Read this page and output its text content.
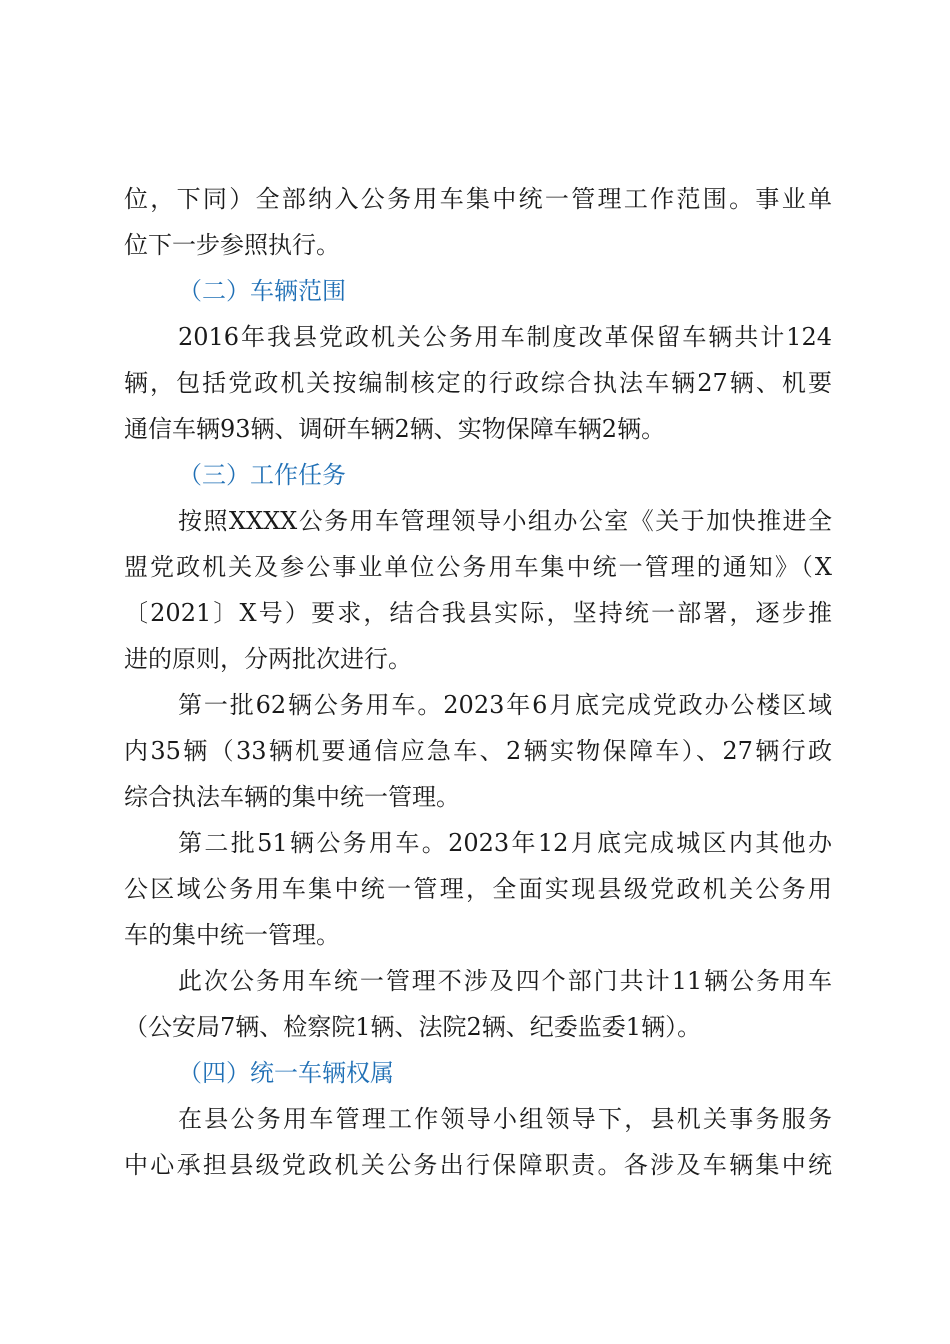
位，下同）全部纳入公务用车集中统一管理工作范围。事业单
位下一步参照执行。
（二）车辆范围
2016年我县党政机关公务用车制度改革保留车辆共计124
辆，包括党政机关按编制核定的行政综合执法车辆27辆、机要
通信车辆93辆、调研车辆2辆、实物保障车辆2辆。
（三）工作任务
按照XXXX公务用车管理领导小组办公室《关于加快推进全
盟党政机关及参公事业单位公务用车集中统一管理的通知》（X
〔2021〕X号）要求，结合我县实际，坚持统一部署，逐步推
进的原则，分两批次进行。
第一批62辆公务用车。2023年6月底完成党政办公楼区域
内35辆（33辆机要通信应急车、2辆实物保障车）、27辆行政
综合执法车辆的集中统一管理。
第二批51辆公务用车。2023年12月底完成城区内其他办
公区域公务用车集中统一管理，全面实现县级党政机关公务用
车的集中统一管理。
此次公务用车统一管理不涉及四个部门共计11辆公务用车
（公安局7辆、检察院1辆、法院2辆、纪委监委1辆）。
（四）统一车辆权属
在县公务用车管理工作领导小组领导下，县机关事务服务
中心承担县级党政机关公务出行保障职责。各涉及车辆集中统
